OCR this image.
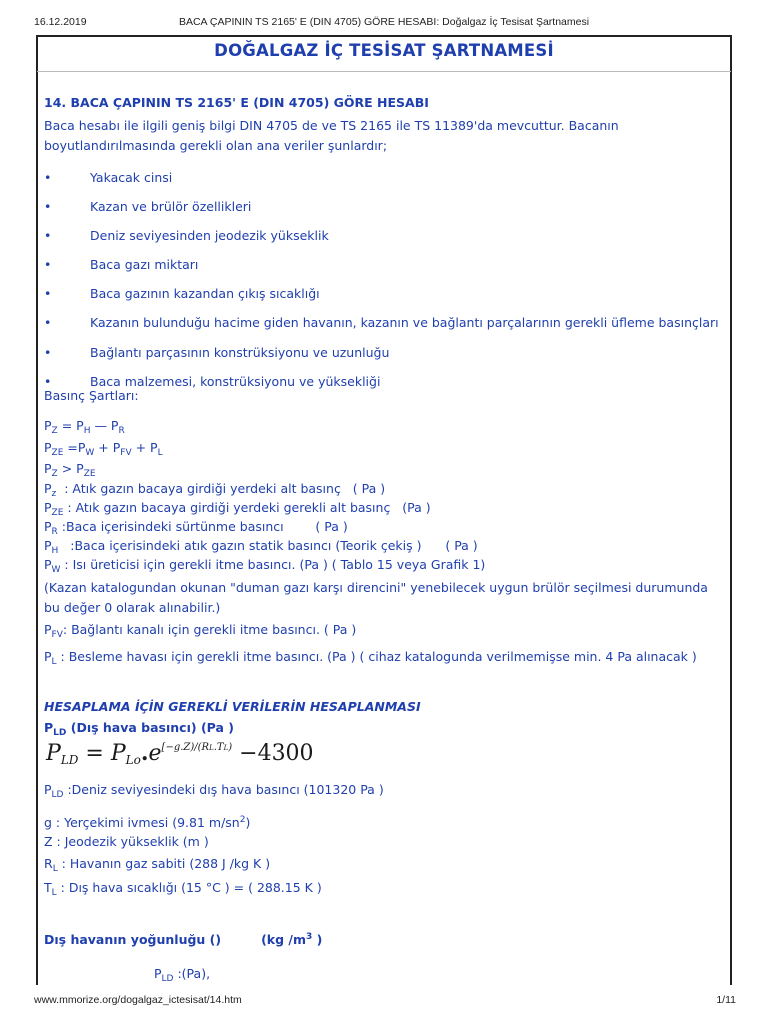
16.12.2019	BACA ÇAPININ TS 2165' E (DIN 4705) GÖRE HESABI: Doğalgaz İç Tesisat Şartnamesi
DOĞALGAZ İÇ TESİSAT ŞARTNAMESİ
14. BACA ÇAPININ TS 2165' E (DIN 4705) GÖRE HESABI
Baca hesabı ile ilgili geniş bilgi DIN 4705 de ve TS 2165 ile TS 11389'da mevcuttur. Bacanın
boyutlandırılmasında gerekli olan ana veriler şunlardır;
•	Yakacak cinsi
•	Kazan ve brülör özellikleri
•	Deniz seviyesinden jeodezik yükseklik
•	Baca gazı miktarı
•	Baca gazının kazandan çıkış sıcaklığı
•	Kazanın bulunduğu hacime giden havanın, kazanın ve bağlantı parçalarının gerekli üfleme basınçları
•	Bağlantı parçasının konstrüksiyonu ve uzunluğu
•	Baca malzemesi, konstrüksiyonu ve yüksekliği
Basınç Şartları:
$P_Z = P_H$ — $P_R$
$P_{ZE} =P_W + P_{FV} + P_L$
$P_Z > P_{ZE}$
$P_z$  : Atık gazın bacaya girdiği yerdeki alt basınç   ( Pa )
$P_{ZE}$ : Atık gazın bacaya girdiği yerdeki gerekli alt basınç   (Pa )
$P_R$ :Baca içerisindeki sürtünme basıncı        ( Pa )
$P_H$   :Baca içerisindeki atık gazın statik basıncı (Teorik çekiş )      ( Pa )
$P_W$ : Isı üreticisi için gerekli itme basıncı. (Pa ) ( Tablo 15 veya Grafik 1)
(Kazan katalogundan okunan "duman gazı karşı direncini" yenebilecek uygun brülör seçilmesi durumunda
bu değer 0 olarak alınabilir.)
$P_{FV}$: Bağlantı kanalı için gerekli itme basıncı. ( Pa )
$P_L$ : Besleme havası için gerekli itme basıncı. (Pa ) ( cihaz katalogunda verilmemişse min. 4 Pa alınacak )
HESAPLAMA İÇİN GEREKLİ VERİLERİN HESAPLANMASI
$P_{LD}$ (Dış hava basıncı) (Pa )
$P_{LD} = P_{Lo}.e^{[-g.Z)/(RL.TL)} -4300$
$P_{LD}$ :Deniz seviyesindeki dış hava basıncı (101320 Pa )
g : Yerçekimi ivmesi (9.81 $m/sn^2$)
Z : Jeodezik yükseklik (m )
$R_L$ : Havanın gaz sabiti (288 J /kg K )
$T_L$ : Dış hava sıcaklığı (15 °C ) = ( 288.15 K )
Dış havanın yoğunluğu ()	(kg $/m^3$ )
$P_{LD}$ :(Pa),
www.mmorize.org/dogalgaz_ictesisat/14.htm	1/11
